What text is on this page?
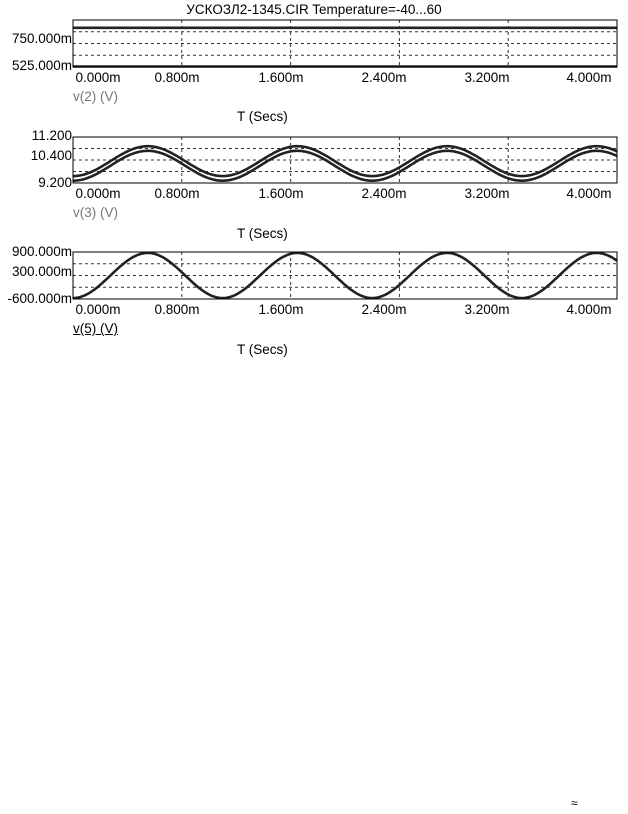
УСКОЗЛ2-1345.CIR Temperature=-40...60
750.000m
525.000m
0.000m	0.800m	1.600m	2.400m	3.200m	4.000m
v(2) (V)
T (Secs)
11.200
10.400
9.200
0.000m	0.800m	1.600m	2.400m	3.200m	4.000m
v(3) (V)
T (Secs)
900.000m
300.000m
-600.000m
0.000m	0.800m	1.600m	2.400m	3.200m	4.000m
v(5) (V)
T (Secs)
≈
